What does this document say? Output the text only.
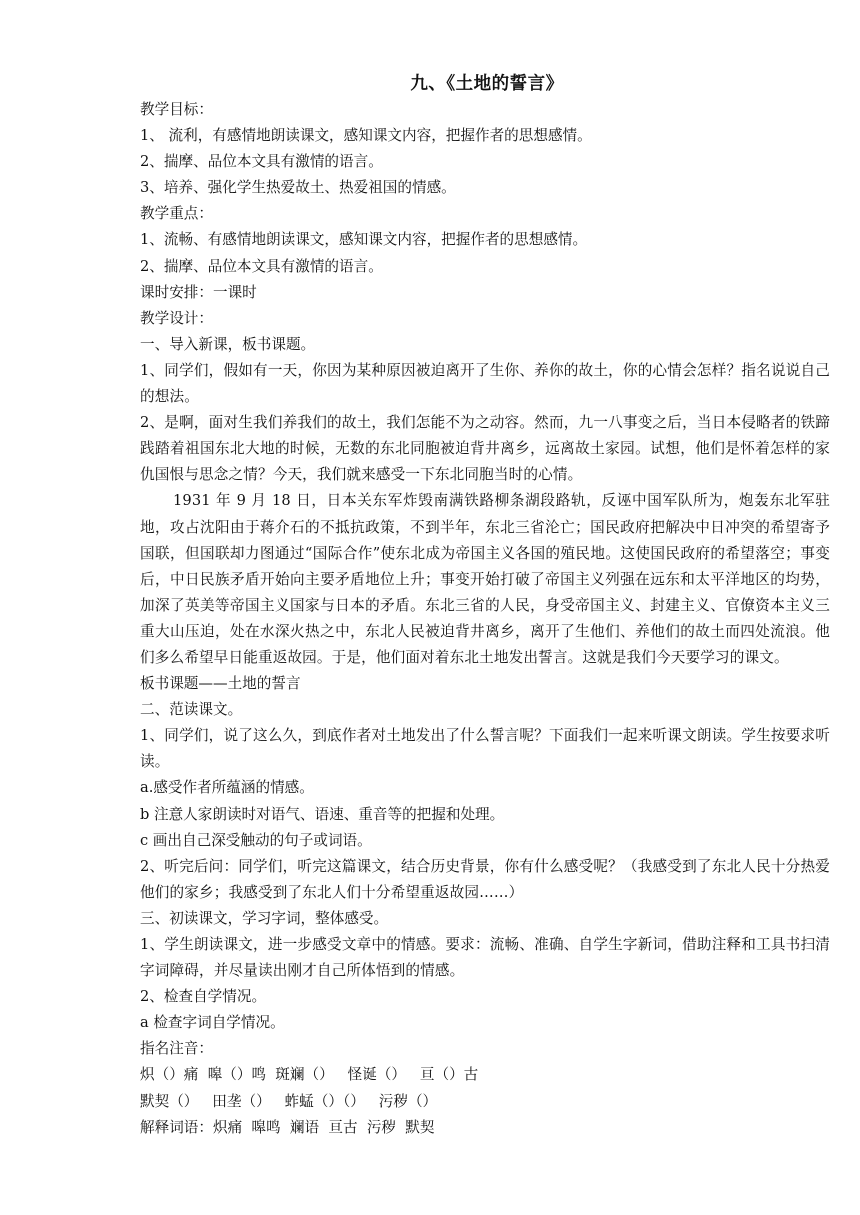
九、《土地的誓言》

教学目标：

1、 流利，有感情地朗读课文，感知课文内容，把握作者的思想感情。

2、揣摩、品位本文具有激情的语言。

3、培养、强化学生热爱故土、热爱祖国的情感。

教学重点：

1、流畅、有感情地朗读课文，感知课文内容，把握作者的思想感情。

2、揣摩、品位本文具有激情的语言。

课时安排：一课时

教学设计：

一、导入新课，板书课题。

1、同学们，假如有一天，你因为某种原因被迫离开了生你、养你的故土，你的心情会怎样？指名说说自己的想法。

2、是啊，面对生我们养我们的故土，我们怎能不为之动容。然而，九一八事变之后，当日本侵略者的铁蹄践踏着祖国东北大地的时候，无数的东北同胞被迫背井离乡，远离故土家园。试想，他们是怀着怎样的家仇国恨与思念之情？今天，我们就来感受一下东北同胞当时的心情。

1931 年 9 月 18 日，日本关东军炸毁南满铁路柳条湖段路轨，反诬中国军队所为，炮轰东北军驻地，攻占沈阳由于蒋介石的不抵抗政策，不到半年，东北三省沦亡；国民政府把解决中日冲突的希望寄予国联，但国联却力图通过“国际合作”使东北成为帝国主义各国的殖民地。这使国民政府的希望落空；事变后，中日民族矛盾开始向主要矛盾地位上升；事变开始打破了帝国主义列强在远东和太平洋地区的均势，加深了英美等帝国主义国家与日本的矛盾。东北三省的人民，身受帝国主义、封建主义、官僚资本主义三重大山压迫，处在水深火热之中，东北人民被迫背井离乡，离开了生他们、养他们的故土而四处流浪。他们多么希望早日能重返故园。于是，他们面对着东北土地发出誓言。这就是我们今天要学习的课文。

板书课题——土地的誓言

二、范读课文。

1、同学们，说了这么久，到底作者对土地发出了什么誓言呢？下面我们一起来听课文朗读。学生按要求听读。

a.感受作者所蕴涵的情感。

b 注意人家朗读时对语气、语速、重音等的把握和处理。

c 画出自己深受触动的句子或词语。

2、听完后问：同学们，听完这篇课文，结合历史背景，你有什么感受呢？（我感受到了东北人民十分热爱他们的家乡；我感受到了东北人们十分希望重返故园……）

三、初读课文，学习字词，整体感受。

1、学生朗读课文，进一步感受文章中的情感。要求：流畅、准确、自学生字新词，借助注释和工具书扫清字词障碍，并尽量读出刚才自己所体悟到的情感。

2、检查自学情况。

a 检查字词自学情况。

指名注音：

炽（）痛  嗥（）鸣  斑斓（）   怪诞（）   亘（）古

默契（）   田垄（）   蚱蜢（）（）   污秽（）

解释词语：炽痛  嗥鸣  斓语  亘古  污秽  默契
